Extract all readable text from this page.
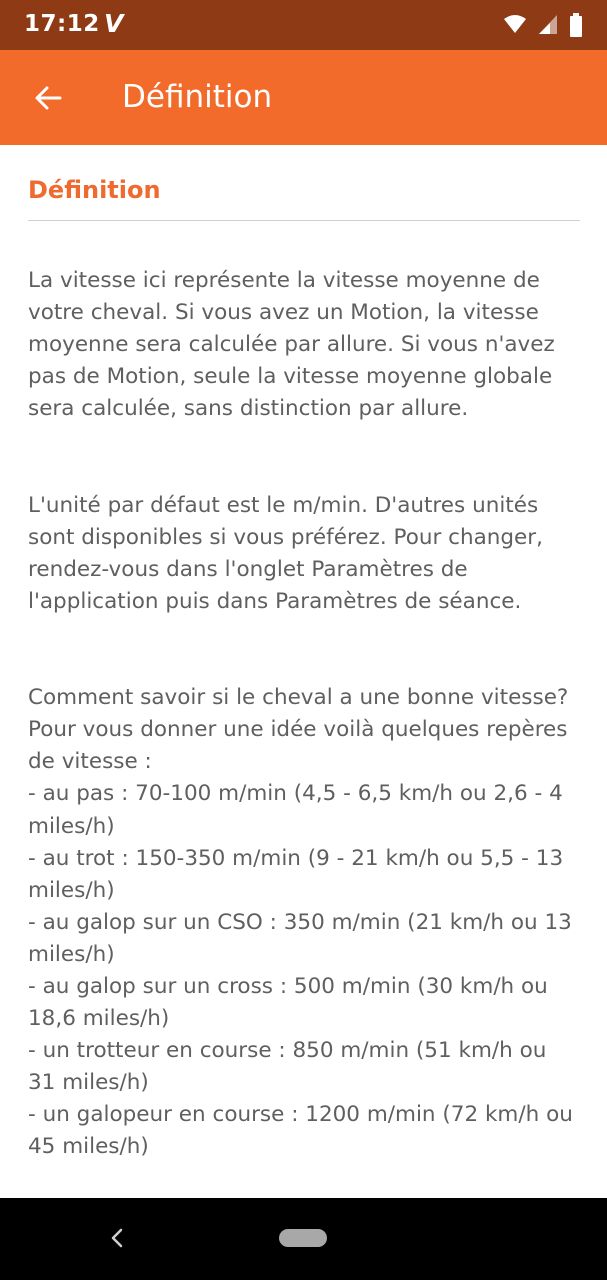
17:12 V

Définition
Définition

La vitesse ici représente la vitesse moyenne de votre cheval. Si vous avez un Motion, la vitesse moyenne sera calculée par allure. Si vous n'avez pas de Motion, seule la vitesse moyenne globale sera calculée, sans distinction par allure.

L'unité par défaut est le m/min. D'autres unités sont disponibles si vous préférez. Pour changer, rendez-vous dans l'onglet Paramètres de l'application puis dans Paramètres de séance.

Comment savoir si le cheval a une bonne vitesse? Pour vous donner une idée voilà quelques repères de vitesse :
- au pas : 70-100 m/min (4,5 - 6,5 km/h ou 2,6 - 4 miles/h)
- au trot : 150-350 m/min (9 - 21 km/h ou 5,5 - 13 miles/h)
- au galop sur un CSO : 350 m/min (21 km/h ou 13 miles/h)
- au galop sur un cross : 500 m/min (30 km/h ou 18,6 miles/h)
- un trotteur en course : 850 m/min (51 km/h ou 31 miles/h)
- un galopeur en course : 1200 m/min (72 km/h ou 45 miles/h)
